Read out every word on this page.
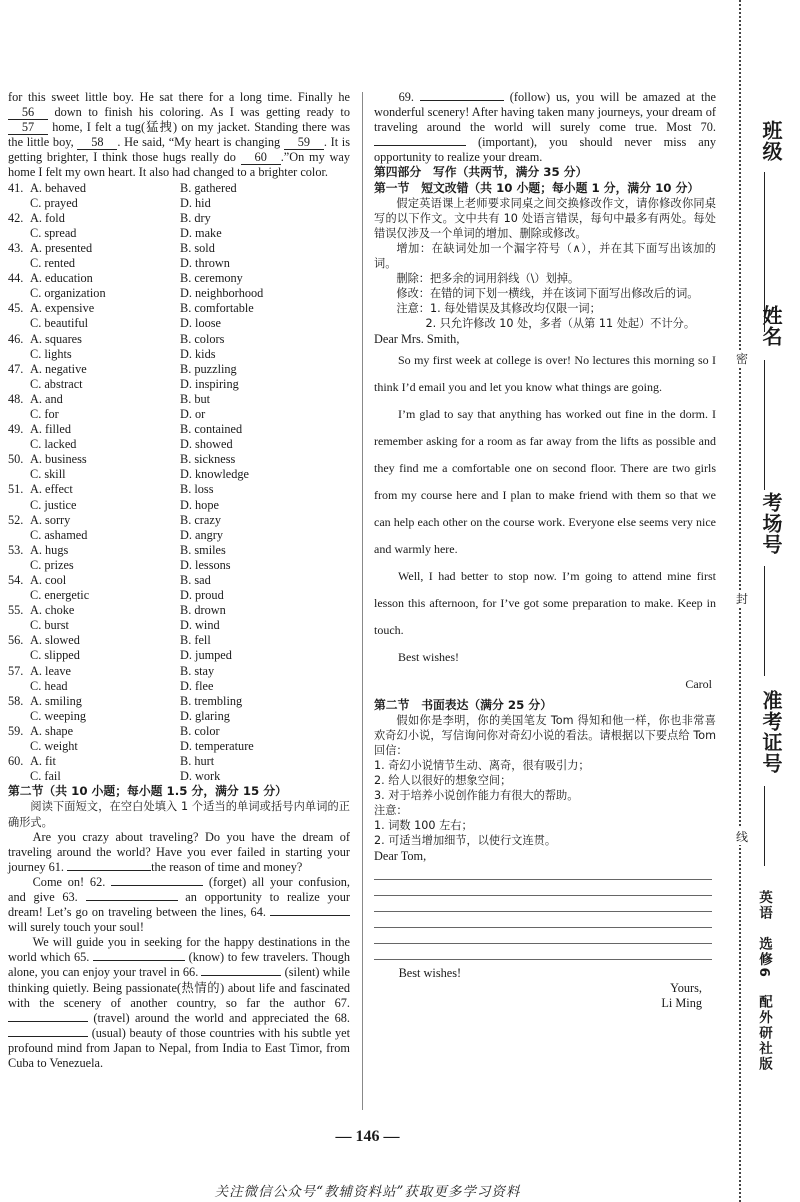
for this sweet little boy. He sat there for a long time. Finally he 56 down to finish his coloring. As I was getting ready to 57 home, I felt a tug(猛拽) on my jacket. Standing there was the little boy, 58 . He said, “My heart is changing 59 . It is getting brighter, I think those hugs really do 60 .”On my way home I felt my own heart. It also had changed to a brighter color.
41. A. behaved	B. gathered
C. prayed	D. hid
42. A. fold	B. dry
C. spread	D. make
43. A. presented	B. sold
C. rented	D. thrown
44. A. education	B. ceremony
C. organization	D. neighborhood
45. A. expensive	B. comfortable
C. beautiful	D. loose
46. A. squares	B. colors
C. lights	D. kids
47. A. negative	B. puzzling
C. abstract	D. inspiring
48. A. and	B. but
C. for	D. or
49. A. filled	B. contained
C. lacked	D. showed
50. A. business	B. sickness
C. skill	D. knowledge
51. A. effect	B. loss
C. justice	D. hope
52. A. sorry	B. crazy
C. ashamed	D. angry
53. A. hugs	B. smiles
C. prizes	D. lessons
54. A. cool	B. sad
C. energetic	D. proud
55. A. choke	B. drown
C. burst	D. wind
56. A. slowed	B. fell
C. slipped	D. jumped
57. A. leave	B. stay
C. head	D. flee
58. A. smiling	B. trembling
C. weeping	D. glaring
59. A. shape	B. color
C. weight	D. temperature
60. A. fit	B. hurt
C. fail	D. work
第二节（共 10 小题；每小题 1.5 分，满分 15 分）
阅读下面短文，在空白处填入 1 个适当的单词或括号内单词的正确形式。
Are you crazy about traveling? Do you have the dream of traveling around the world? Have you ever failed in starting your journey 61.	the reason of time and money?
Come on! 62.	(forget) all your confusion, and give 63.	an opportunity to realize your dream! Let’s go on traveling between the lines, 64.  will surely touch your soul!
We will guide you in seeking for the happy destinations in the world which 65.	(know) to few travelers. Though alone, you can enjoy your travel in 66.	(silent) while thinking quietly. Being passionate(热情的) about life and fascinated with the scenery of another country, so far the author 67.  (travel) around the world and appreciated the 68.  (usual) beauty of those countries with his subtle yet profound mind from Japan to Nepal, from India to East Timor, from Cuba to Venezuela.
69.	(follow) us, you will be amazed at the wonderful scenery! After having taken many journeys, your dream of traveling around the world will surely come true. Most 70.  (important), you should never miss any opportunity to realize your dream.
第四部分　写作（共两节，满分 35 分）
第一节　短文改错（共 10 小题；每小题 1 分，满分 10 分）
假定英语课上老师要求同桌之间交换修改作文，请你修改你同桌写的以下作文。文中共有 10 处语言错误，每句中最多有两处。每处错误仅涉及一个单词的增加、删除或修改。
增加：在缺词处加一个漏字符号（∧），并在其下面写出该加的词。
删除：把多余的词用斜线（\）划掉。
修改：在错的词下划一横线，并在该词下面写出修改后的词。
注意：1. 每处错误及其修改均仅限一词；
2. 只允许修改 10 处，多者（从第 11 处起）不计分。
Dear Mrs. Smith,
So my first week at college is over! No lectures this morning so I think I’d email you and let you know what things are going.
I’m glad to say that anything has worked out fine in the dorm. I remember asking for a room as far away from the lifts as possible and they find me a comfortable one on second floor. There are two girls from my course here and I plan to make friend with them so that we can help each other on the course work. Everyone else seems very nice and warmly here.
Well, I had better to stop now. I’m going to attend mine first lesson this afternoon, for I’ve got some preparation to make. Keep in touch.
Best wishes!
Carol
第二节　书面表达（满分 25 分）
假如你是李明，你的美国笔友 Tom 得知和他一样，你也非常喜欢奇幻小说，写信询问你对奇幻小说的看法。请根据以下要点给 Tom 回信：
1. 奇幻小说情节生动、离奇，很有吸引力；
2. 给人以很好的想象空间；
3. 对于培养小说创作能力有很大的帮助。
注意：
1. 词数 100 左右；
2. 可适当增加细节，以使行文连贯。
Dear Tom,
Best wishes!
Yours,
Li Ming
— 146 —
关注微信公众号“教辅资料站”获取更多学习资料
班级
姓名
考场号
准考证号
密
封
线
英语　选修6　配外研社版
